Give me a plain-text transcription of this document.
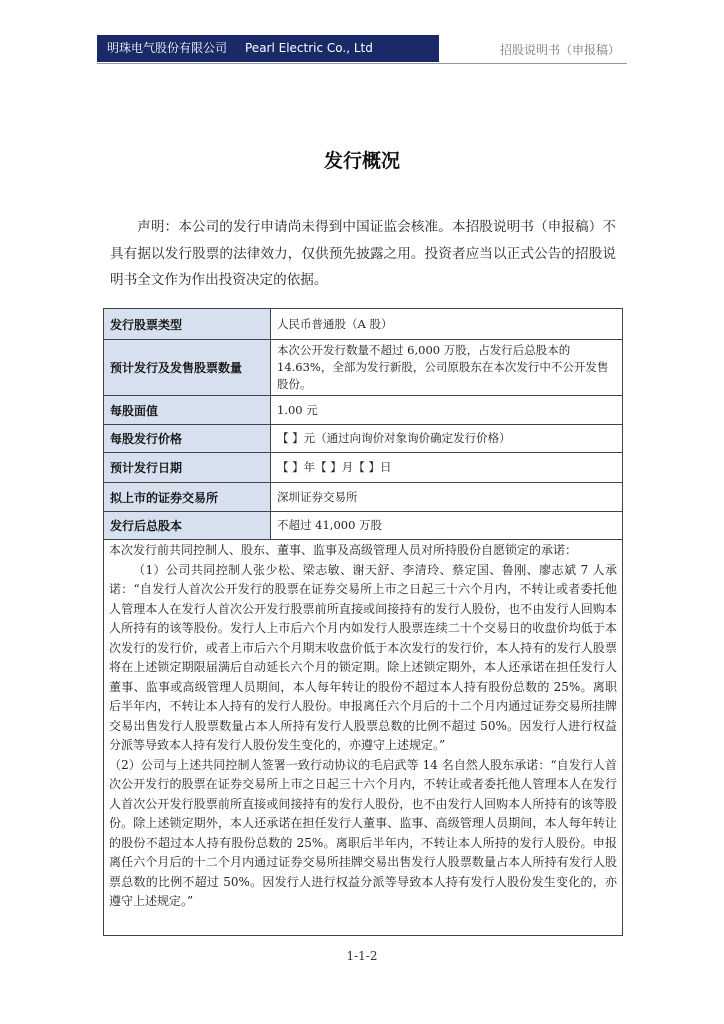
明珠电气股份有限公司 Pearl Electric Co., Ltd	招股说明书（申报稿）
发行概况
声明：本公司的发行申请尚未得到中国证监会核准。本招股说明书（申报稿）不具有据以发行股票的法律效力，仅供预先披露之用。投资者应当以正式公告的招股说明书全文作为作出投资决定的依据。
发行股票类型	人民币普通股（A 股）
预计发行及发售股票数量	本次公开发行数量不超过 6,000 万股，占发行后总股本的 14.63%，全部为发行新股，公司原股东在本次发行中不公开发售股份。
每股面值	1.00 元
每股发行价格	【 】元（通过向询价对象询价确定发行价格）
预计发行日期	【 】年【 】月【 】日
拟上市的证券交易所	深圳证券交易所
发行后总股本	不超过 41,000 万股

本次发行前共同控制人、股东、董事、监事及高级管理人员对所持股份自愿锁定的承诺：

（1）公司共同控制人张少松、梁志敏、谢天舒、李清玲、蔡定国、鲁刚、廖志斌 7 人承诺：“自发行人首次公开发行的股票在证券交易所上市之日起三十六个月内，不转让或者委托他人管理本人在发行人首次公开发行股票前所直接或间接持有的发行人股份，也不由发行人回购本人所持有的该等股份。发行人上市后六个月内如发行人股票连续二十个交易日的收盘价均低于本次发行的发行价，或者上市后六个月期末收盘价低于本次发行的发行价，本人持有的发行人股票将在上述锁定期限届满后自动延长六个月的锁定期。除上述锁定期外，本人还承诺在担任发行人董事、监事或高级管理人员期间，本人每年转让的股份不超过本人持有股份总数的 25%。离职后半年内，不转让本人持有的发行人股份。申报离任六个月后的十二个月内通过证券交易所挂牌交易出售发行人股票数量占本人所持有发行人股票总数的比例不超过 50%。因发行人进行权益分派等导致本人持有发行人股份发生变化的，亦遵守上述规定。”

（2）公司与上述共同控制人签署一致行动协议的毛启武等 14 名自然人股东承诺：“自发行人首次公开发行的股票在证券交易所上市之日起三十六个月内，不转让或者委托他人管理本人在发行人首次公开发行股票前所直接或间接持有的发行人股份，也不由发行人回购本人所持有的该等股份。除上述锁定期外，本人还承诺在担任发行人董事、监事、高级管理人员期间，本人每年转让的股份不超过本人持有股份总数的 25%。离职后半年内，不转让本人所持的发行人股份。申报离任六个月后的十二个月内通过证券交易所挂牌交易出售发行人股票数量占本人所持有发行人股票总数的比例不超过 50%。因发行人进行权益分派等导致本人持有发行人股份发生变化的，亦遵守上述规定。”

1-1-2
